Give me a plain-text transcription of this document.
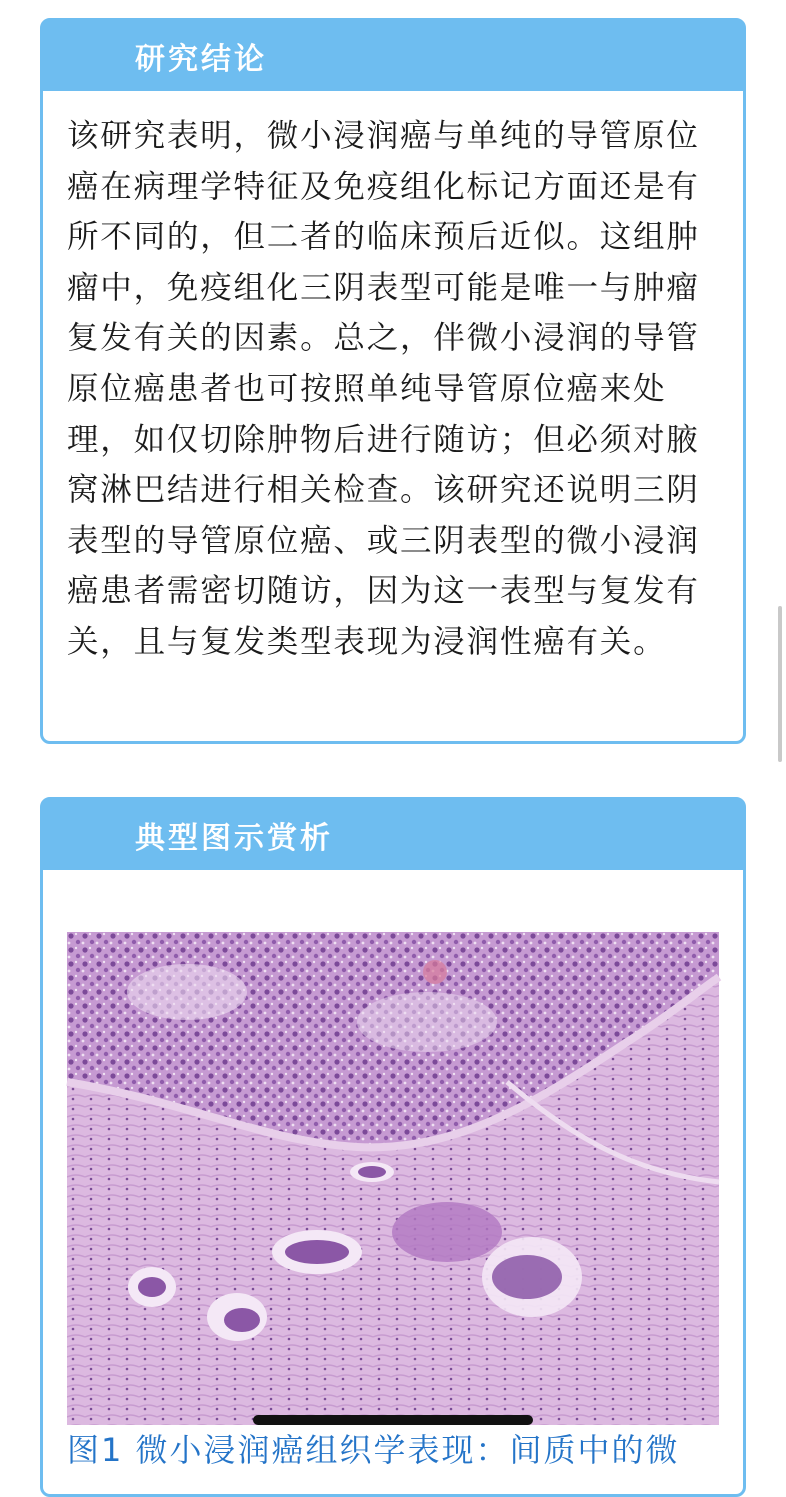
研究结论
该研究表明，微小浸润癌与单纯的导管原位癌在病理学特征及免疫组化标记方面还是有所不同的，但二者的临床预后近似。这组肿瘤中，免疫组化三阴表型可能是唯一与肿瘤复发有关的因素。总之，伴微小浸润的导管原位癌患者也可按照单纯导管原位癌来处理，如仅切除肿物后进行随访；但必须对腋窝淋巴结进行相关检查。该研究还说明三阴表型的导管原位癌、或三阴表型的微小浸润癌患者需密切随访，因为这一表型与复发有关，且与复发类型表现为浸润性癌有关。
典型图示赏析
图1 微小浸润癌组织学表现：间质中的微
